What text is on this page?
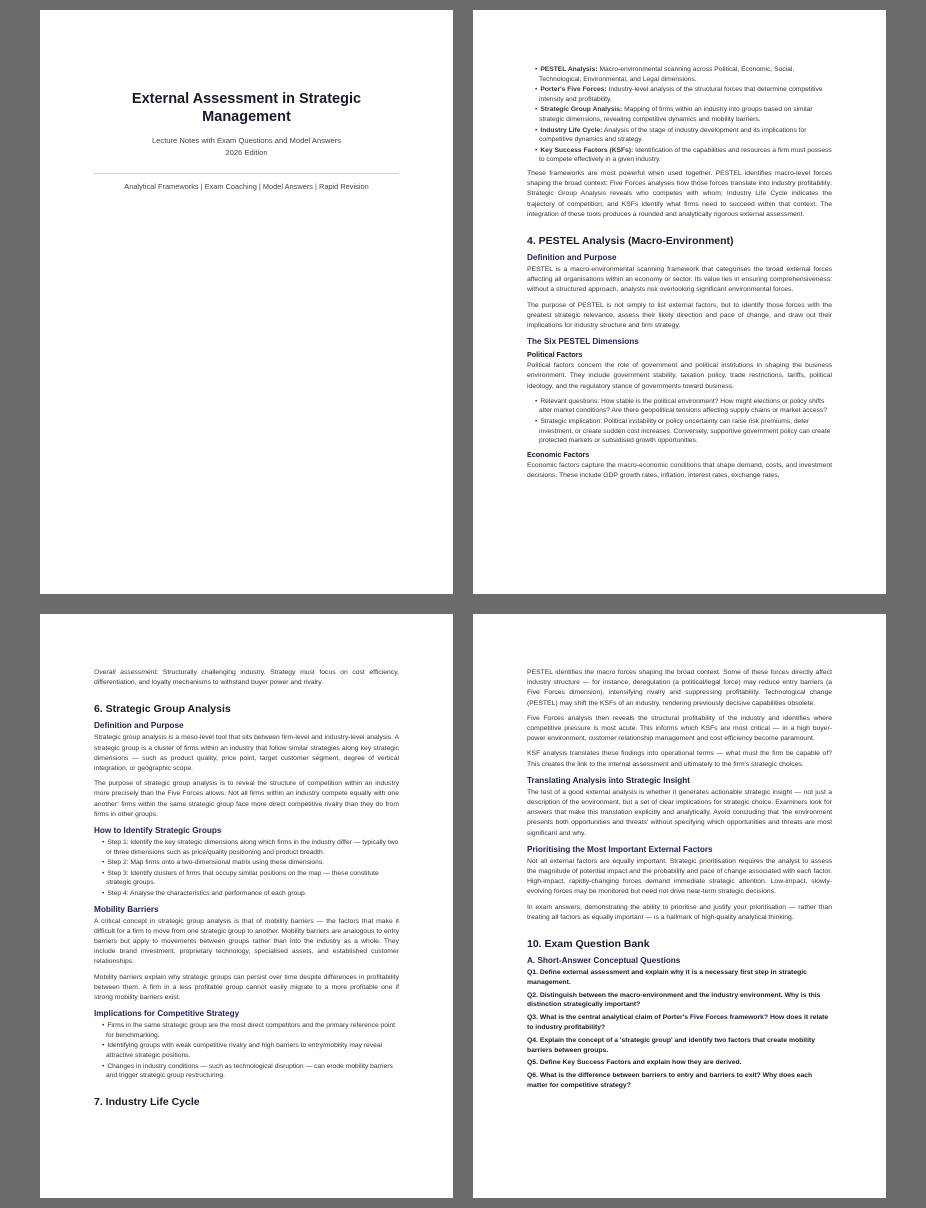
External Assessment in Strategic Management

Lecture Notes with Exam Questions and Model Answers

2026 Edition

Analytical Frameworks | Exam Coaching | Model Answers | Rapid Revision
• PESTEL Analysis: Macro-environmental scanning across Political, Economic, Social, Technological, Environmental, and Legal dimensions.
• Porter's Five Forces: Industry-level analysis of the structural forces that determine competitive intensity and profitability.
• Strategic Group Analysis: Mapping of firms within an industry into groups based on similar strategic dimensions, revealing competitive dynamics and mobility barriers.
• Industry Life Cycle: Analysis of the stage of industry development and its implications for competitive dynamics and strategy.
• Key Success Factors (KSFs): Identification of the capabilities and resources a firm must possess to compete effectively in a given industry.

These frameworks are most powerful when used together. PESTEL identifies macro-level forces shaping the broad context; Five Forces analyses how those forces translate into industry profitability; Strategic Group Analysis reveals who competes with whom; Industry Life Cycle indicates the trajectory of competition; and KSFs identify what firms need to succeed within that context. The integration of these tools produces a rounded and analytically rigorous external assessment.

4. PESTEL Analysis (Macro-Environment)
Definition and Purpose

PESTEL is a macro-environmental scanning framework that categorises the broad external forces affecting all organisations within an economy or sector. Its value lies in ensuring comprehensiveness: without a structured approach, analysts risk overlooking significant environmental forces.

The purpose of PESTEL is not simply to list external factors, but to identify those forces with the greatest strategic relevance, assess their likely direction and pace of change, and draw out their implications for industry structure and firm strategy.

The Six PESTEL Dimensions
Political Factors

Political factors concern the role of government and political institutions in shaping the business environment. They include government stability, taxation policy, trade restrictions, tariffs, political ideology, and the regulatory stance of governments toward business.

• Relevant questions: How stable is the political environment? How might elections or policy shifts alter market conditions? Are there geopolitical tensions affecting supply chains or market access?
• Strategic implication: Political instability or policy uncertainty can raise risk premiums, deter investment, or create sudden cost increases. Conversely, supportive government policy can create protected markets or subsidised growth opportunities.
Economic Factors

Economic factors capture the macro-economic conditions that shape demand, costs, and investment decisions. These include GDP growth rates, inflation, interest rates, exchange rates,

Overall assessment: Structurally challenging industry. Strategy must focus on cost efficiency, differentiation, and loyalty mechanisms to withstand buyer power and rivalry.

6. Strategic Group Analysis
Definition and Purpose

Strategic group analysis is a meso-level tool that sits between firm-level and industry-level analysis. A strategic group is a cluster of firms within an industry that follow similar strategies along key strategic dimensions — such as product quality, price point, target customer segment, degree of vertical integration, or geographic scope.

The purpose of strategic group analysis is to reveal the structure of competition within an industry more precisely than the Five Forces allows. Not all firms within an industry compete equally with one another: firms within the same strategic group face more direct competitive rivalry than they do from firms in other groups.

How to Identify Strategic Groups
• Step 1: Identify the key strategic dimensions along which firms in the industry differ — typically two or three dimensions such as price/quality positioning and product breadth.
• Step 2: Map firms onto a two-dimensional matrix using these dimensions.
• Step 3: Identify clusters of firms that occupy similar positions on the map — these constitute strategic groups.
• Step 4: Analyse the characteristics and performance of each group.
Mobility Barriers

A critical concept in strategic group analysis is that of mobility barriers — the factors that make it difficult for a firm to move from one strategic group to another. Mobility barriers are analogous to entry barriers but apply to movements between groups rather than into the industry as a whole. They include brand investment, proprietary technology, specialised assets, and established customer relationships.

Mobility barriers explain why strategic groups can persist over time despite differences in profitability between them. A firm in a less profitable group cannot easily migrate to a more profitable one if strong mobility barriers exist.

Implications for Competitive Strategy
• Firms in the same strategic group are the most direct competitors and the primary reference point for benchmarking.
• Identifying groups with weak competitive rivalry and high barriers to entry/mobility may reveal attractive strategic positions.
• Changes in industry conditions — such as technological disruption — can erode mobility barriers and trigger strategic group restructuring.
7. Industry Life Cycle

PESTEL identifies the macro forces shaping the broad context. Some of these forces directly affect industry structure — for instance, deregulation (a political/legal force) may reduce entry barriers (a Five Forces dimension), intensifying rivalry and suppressing profitability. Technological change (PESTEL) may shift the KSFs of an industry, rendering previously decisive capabilities obsolete.

Five Forces analysis then reveals the structural profitability of the industry and identifies where competitive pressure is most acute. This informs which KSFs are most critical — in a high buyer-power environment, customer relationship management and cost efficiency become paramount.

KSF analysis translates these findings into operational terms — what must the firm be capable of? This creates the link to the internal assessment and ultimately to the firm's strategic choices.

Translating Analysis into Strategic Insight

The test of a good external analysis is whether it generates actionable strategic insight — not just a description of the environment, but a set of clear implications for strategic choice. Examiners look for answers that make this translation explicitly and analytically. Avoid concluding that 'the environment presents both opportunities and threats' without specifying which opportunities and threats are most significant and why.

Prioritising the Most Important External Factors

Not all external factors are equally important. Strategic prioritisation requires the analyst to assess the magnitude of potential impact and the probability and pace of change associated with each factor. High-impact, rapidly-changing forces demand immediate strategic attention. Low-impact, slowly-evolving forces may be monitored but need not drive near-term strategic decisions.

In exam answers, demonstrating the ability to prioritise and justify your prioritisation — rather than treating all factors as equally important — is a hallmark of high-quality analytical thinking.

10. Exam Question Bank
A. Short-Answer Conceptual Questions

Q1. Define external assessment and explain why it is a necessary first step in strategic management.

Q2. Distinguish between the macro-environment and the industry environment. Why is this distinction strategically important?

Q3. What is the central analytical claim of Porter's Five Forces framework? How does it relate to industry profitability?

Q4. Explain the concept of a 'strategic group' and identify two factors that create mobility barriers between groups.

Q5. Define Key Success Factors and explain how they are derived.

Q6. What is the difference between barriers to entry and barriers to exit? Why does each matter for competitive strategy?
